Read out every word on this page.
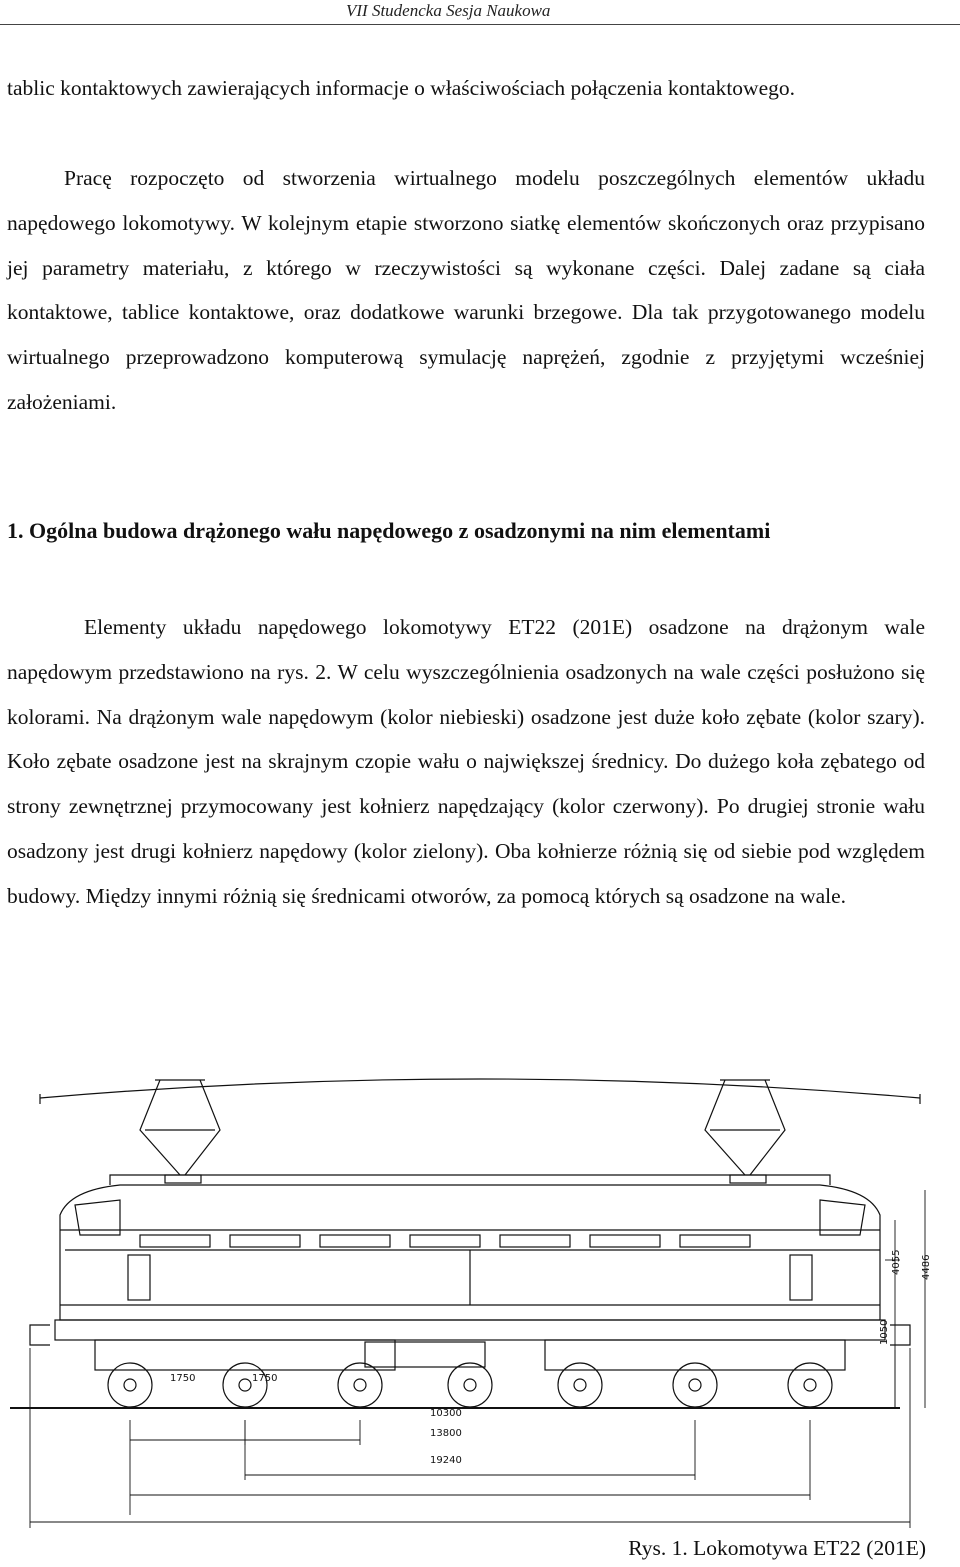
VII Studencka Sesja Naukowa

tablic kontaktowych zawierających informacje o właściwościach połączenia kontaktowego.

Pracę rozpoczęto od stworzenia wirtualnego modelu poszczególnych elementów układu napędowego lokomotywy. W kolejnym etapie stworzono siatkę elementów skończonych oraz przypisano jej parametry materiału, z którego w rzeczywistości są wykonane części. Dalej zadane są ciała kontaktowe, tablice kontaktowe, oraz dodatkowe warunki brzegowe. Dla tak przygotowanego modelu wirtualnego przeprowadzono komputerową symulację naprężeń, zgodnie z przyjętymi wcześniej założeniami.

1. Ogólna budowa drążonego wału napędowego z osadzonymi na nim elementami

Elementy układu napędowego lokomotywy ET22 (201E) osadzone na drążonym wale napędowym przedstawiono na rys. 2. W celu wyszczególnienia osadzonych na wale części posłużono się kolorami. Na drążonym wale napędowym (kolor niebieski) osadzone jest duże koło zębate (kolor szary). Koło zębate osadzone jest na skrajnym czopie wału o największej średnicy. Do dużego koła zębatego od strony zewnętrznej przymocowany jest kołnierz napędzający (kolor czerwony). Po drugiej stronie wału osadzony jest drugi kołnierz napędowy (kolor zielony). Oba kołnierze różnią się od siebie pod względem budowy. Między innymi różnią się średnicami otworów, za pomocą których są osadzone na wale.

1750	1750
10300
13800
19240
4055 4486
1050
Rys. 1. Lokomotywa ET22 (201E)
